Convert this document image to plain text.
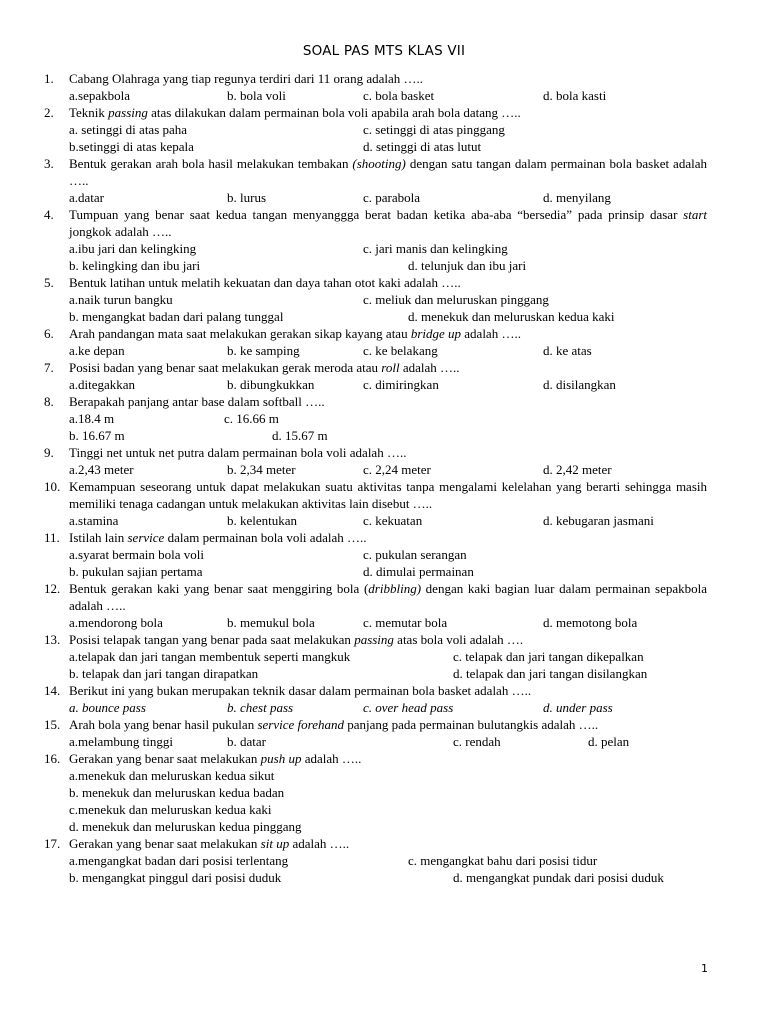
SOAL PAS MTS KLAS VII
1. Cabang Olahraga yang tiap regunya terdiri dari 11 orang adalah …..
a.sepakbola	b. bola voli	c. bola basket	d. bola kasti
2. Teknik passing atas dilakukan dalam permainan bola voli apabila arah bola datang …..
a. setinggi di atas paha	c. setinggi di atas pinggang
b.setinggi di atas kepala	d. setinggi di atas lutut
3. Bentuk gerakan arah bola hasil melakukan tembakan (shooting) dengan satu tangan dalam permainan bola basket adalah …..
a.datar	b. lurus	c. parabola	d. menyilang
4. Tumpuan yang benar saat kedua tangan menyanggga berat badan ketika aba-aba “bersedia” pada prinsip dasar start jongkok adalah …..
a.ibu jari dan kelingking	c. jari manis dan kelingking
b. kelingking dan ibu jari	d. telunjuk dan ibu jari
5. Bentuk latihan untuk melatih kekuatan dan daya tahan otot kaki adalah …..
a.naik turun bangku	c. meliuk dan meluruskan pinggang
b. mengangkat badan dari palang tunggal	d. menekuk dan meluruskan kedua kaki
6. Arah pandangan mata saat melakukan gerakan sikap kayang atau bridge up adalah …..
a.ke depan	b. ke samping	c. ke belakang	d. ke atas
7. Posisi badan yang benar saat melakukan gerak meroda atau roll adalah …..
a.ditegakkan	b. dibungkukkan	c. dimiringkan	d. disilangkan
8. Berapakah panjang antar base dalam softball …..
a.18.4 m	c. 16.66 m
b. 16.67 m	d. 15.67 m
9. Tinggi net untuk net putra dalam permainan bola voli adalah …..
a.2,43 meter	b. 2,34 meter	c. 2,24 meter	d. 2,42 meter
10. Kemampuan seseorang untuk dapat melakukan suatu aktivitas tanpa mengalami kelelahan yang berarti sehingga masih memiliki tenaga cadangan untuk melakukan aktivitas lain disebut …..
a.stamina	b. kelentukan	c. kekuatan	d. kebugaran jasmani
11. Istilah lain service dalam permainan bola voli adalah …..
a.syarat bermain bola voli	c. pukulan serangan
b. pukulan sajian pertama	d. dimulai permainan
12. Bentuk gerakan kaki yang benar saat menggiring bola (dribbling) dengan kaki bagian luar dalam permainan sepakbola adalah …..
a.mendorong bola	b. memukul bola	c. memutar bola	d. memotong bola
13. Posisi telapak tangan yang benar pada saat melakukan passing atas bola voli adalah ….
a.telapak dan jari tangan membentuk seperti mangkuk	c. telapak dan jari tangan dikepalkan
b. telapak dan jari tangan dirapatkan	d. telapak dan jari tangan disilangkan
14. Berikut ini yang bukan merupakan teknik dasar dalam permainan bola basket adalah …..
a. bounce pass	b. chest pass	c. over head pass	d. under pass
15. Arah bola yang benar hasil pukulan service forehand panjang pada permainan bulutangkis adalah …..
a.melambung tinggi	b. datar	c. rendah	d. pelan
16. Gerakan yang benar saat melakukan push up adalah …..
a.menekuk dan meluruskan kedua sikut
b. menekuk dan meluruskan kedua badan
c.menekuk dan meluruskan kedua kaki
d. menekuk dan meluruskan kedua pinggang
17. Gerakan yang benar saat melakukan sit up adalah …..
a.mengangkat badan dari posisi terlentang	c. mengangkat bahu dari posisi tidur
b. mengangkat pinggul dari posisi duduk	d. mengangkat pundak dari posisi duduk
1
